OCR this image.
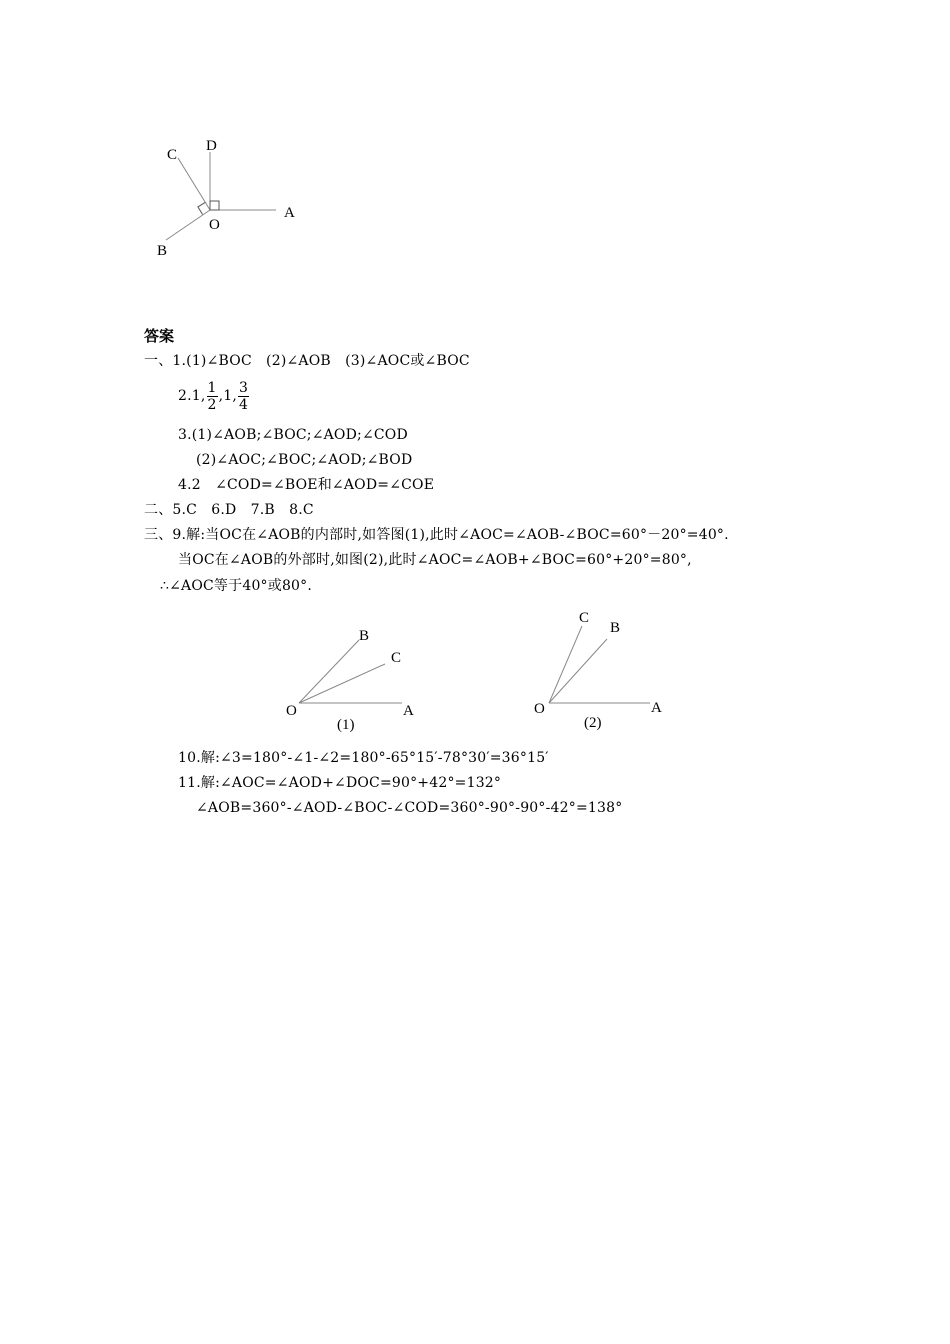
C
D
A
O
B
答案
一、1.(1)∠BOC　(2)∠AOB　(3)∠AOC或∠BOC
2.1, $\frac{1}{2} ,1$, $\frac{3}{4}$
3.(1)∠AOB;∠BOC;∠AOD;∠COD
(2)∠AOC;∠BOC;∠AOD;∠BOD
4.2　∠COD=∠BOE和∠AOD=∠COE
二、5.C　6.D　7.B　8.C
三、9.解:当OC在∠AOB的内部时,如答图(1),此时∠AOC=∠AOB-∠BOC=60°－20°=40°.
当OC在∠AOB的外部时,如图(2),此时∠AOC=∠AOB+∠BOC=60°+20°=80°,
∴∠AOC等于40°或80°.
B
C
O	A
(1)
C
B
O	A
(2)
10.解:∠3=180°-∠1-∠2=180°-65°15′-78°30′=36°15′
11.解:∠AOC=∠AOD+∠DOC=90°+42°=132°
∠AOB=360°-∠AOD-∠BOC-∠COD=360°-90°-90°-42°=138°
